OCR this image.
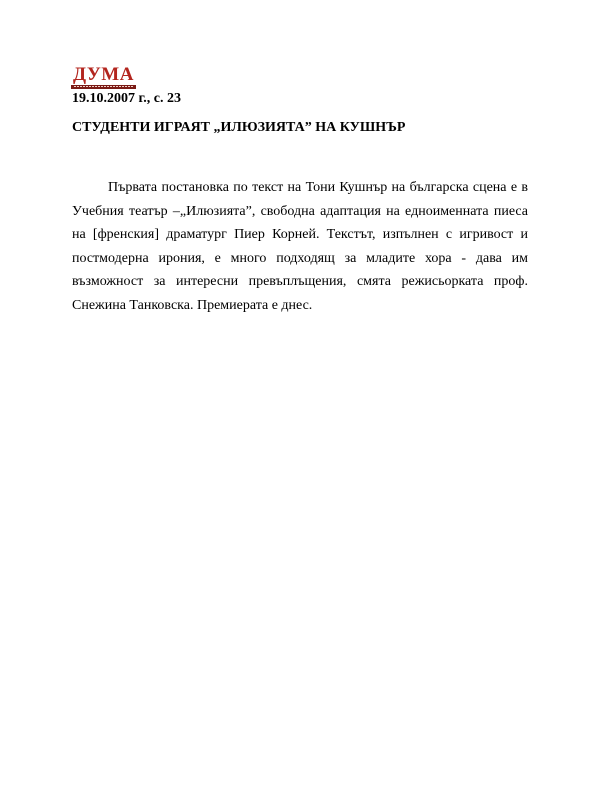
ДУМА
19.10.2007 г., с. 23
СТУДЕНТИ ИГРАЯТ „ИЛЮЗИЯТА” НА КУШНЪР

Първата постановка по текст на Тони Кушнър на българска сцена е в Учебния театър –„Илюзията”, свободна адаптация на едноименната пиеса на [френския] драматург Пиер Корней. Текстът, изпълнен с игривост и постмодерна ирония, е много подходящ за младите хора - дава им възможност за интересни превъплъщения, смята режисьорката проф. Снежина Танковска. Премиерата е днес.
